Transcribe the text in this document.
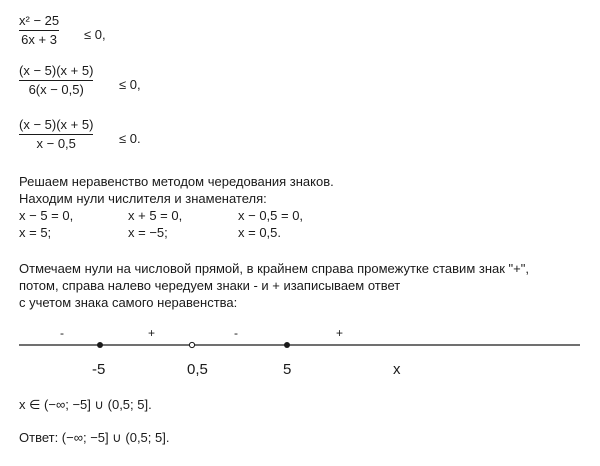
x² − 25
6x + 3 ≤ 0,
(x − 5)(x + 5)
6(x − 0,5)	≤ 0,
(x − 5)(x + 5)
x − 0,5	≤ 0.
Решаем неравенство методом чередования знаков.
Находим нули числителя и знаменателя:
x − 5 = 0,	x + 5 = 0,	x − 0,5 = 0,
x = 5;	x = −5;	x = 0,5.
Отмечаем нули на числовой прямой, в крайнем справа промежутке ставим знак "+",
потом, справа налево чередуем знаки - и + изаписываем ответ
с учетом знака самого неравенства:
-	+	-	+
-5	0,5	5	x
x ∈ (−∞; −5] ∪ (0,5; 5].
Ответ: (−∞; −5] ∪ (0,5; 5].
